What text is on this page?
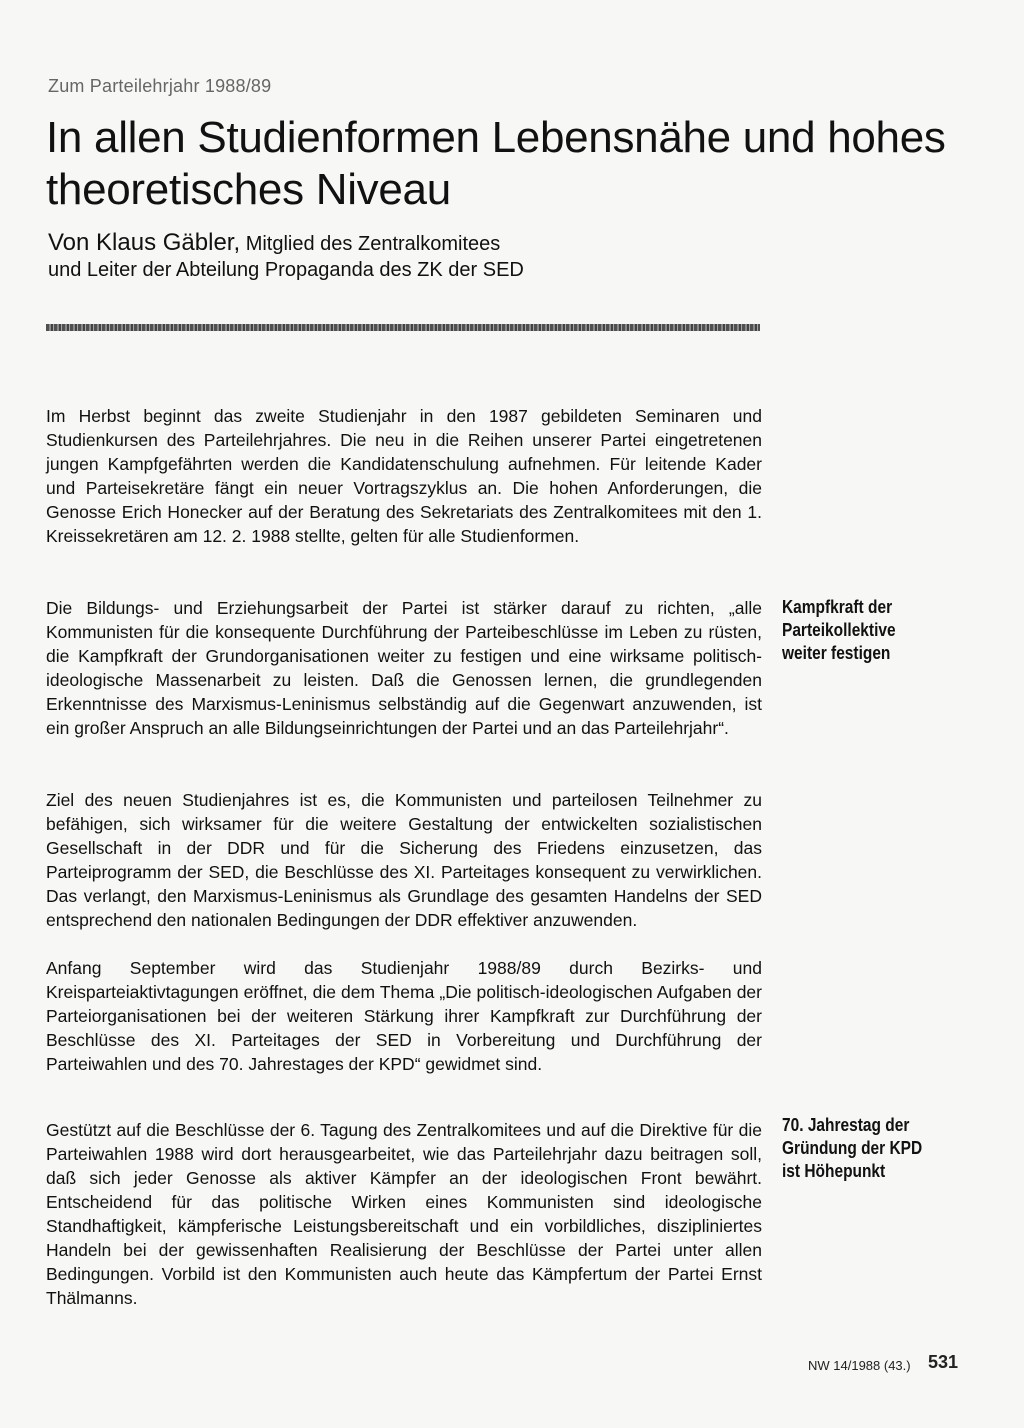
Zum Parteilehrjahr 1988/89
In allen Studienformen Lebensnähe und hohes theoretisches Niveau
Von Klaus Gäbler, Mitglied des Zentralkomitees
und Leiter der Abteilung Propaganda des ZK der SED

Im Herbst beginnt das zweite Studienjahr in den 1987 gebildeten Seminaren und Studienkursen des Parteilehrjahres. Die neu in die Reihen unserer Partei eingetretenen jungen Kampfgefährten werden die Kandidatenschulung aufnehmen. Für leitende Kader und Parteisekretäre fängt ein neuer Vortragszyklus an. Die hohen Anforderungen, die Genosse Erich Honecker auf der Beratung des Sekretariats des Zentralkomitees mit den 1. Kreissekretären am 12. 2. 1988 stellte, gelten für alle Studienformen.

Die Bildungs- und Erziehungsarbeit der Partei ist stärker darauf zu richten, „alle Kommunisten für die konsequente Durchführung der Parteibeschlüsse im Leben zu rüsten, die Kampfkraft der Grundorganisationen weiter zu festigen und eine wirksame politisch-ideologische Massenarbeit zu leisten. Daß die Genossen lernen, die grundlegenden Erkenntnisse des Marxismus-Leninismus selbständig auf die Gegenwart anzuwenden, ist ein großer Anspruch an alle Bildungseinrichtungen der Partei und an das Parteilehrjahr“.

Ziel des neuen Studienjahres ist es, die Kommunisten und parteilosen Teilnehmer zu befähigen, sich wirksamer für die weitere Gestaltung der entwickelten sozialistischen Gesellschaft in der DDR und für die Sicherung des Friedens einzusetzen, das Parteiprogramm der SED, die Beschlüsse des XI. Parteitages konsequent zu verwirklichen. Das verlangt, den Marxismus-Leninismus als Grundlage des gesamten Handelns der SED entsprechend den nationalen Bedingungen der DDR effektiver anzuwenden.

Anfang September wird das Studienjahr 1988/89 durch Bezirks- und Kreisparteiaktivtagungen eröffnet, die dem Thema „Die politisch-ideologischen Aufgaben der Parteiorganisationen bei der weiteren Stärkung ihrer Kampfkraft zur Durchführung der Beschlüsse des XI. Parteitages der SED in Vorbereitung und Durchführung der Parteiwahlen und des 70. Jahrestages der KPD“ gewidmet sind.

Gestützt auf die Beschlüsse der 6. Tagung des Zentralkomitees und auf die Direktive für die Parteiwahlen 1988 wird dort herausgearbeitet, wie das Parteilehrjahr dazu beitragen soll, daß sich jeder Genosse als aktiver Kämpfer an der ideologischen Front bewährt. Entscheidend für das politische Wirken eines Kommunisten sind ideologische Standhaftigkeit, kämpferische Leistungsbereitschaft und ein vorbildliches, diszipliniertes Handeln bei der gewissenhaften Realisierung der Beschlüsse der Partei unter allen Bedingungen. Vorbild ist den Kommunisten auch heute das Kämpfertum der Partei Ernst Thälmanns.

Kampfkraft der
Parteikollektive
weiter festigen
70. Jahrestag der
Gründung der KPD
ist Höhepunkt
NW 14/1988 (43.) 531
